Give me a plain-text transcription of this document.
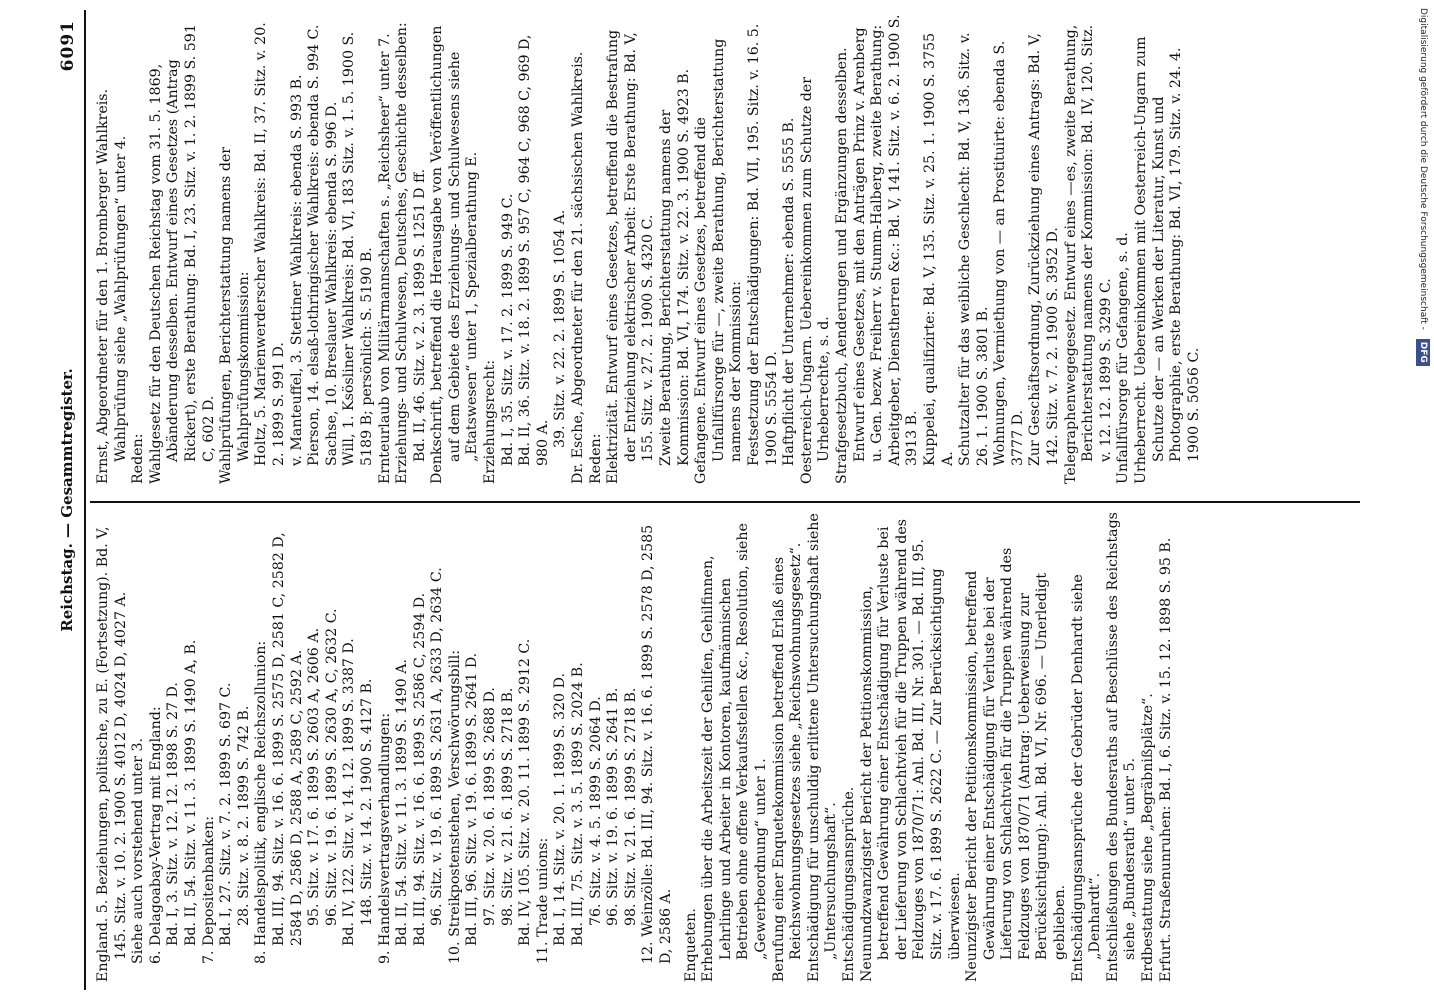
Reichstag. — Gesammtregister.
6091

England. 5. Beziehungen, politische, zu E. (Fortsetzung). Bd. V, 145. Sitz. v. 10. 2. 1900 S. 4012 D, 4024 D, 4027 A. Siehe auch vorstehend unter 3. 6. Delagoabay-Vertrag mit England: Bd. I, 3. Sitz. v. 12. 12. 1898 S. 27 D. Bd. II, 54. Sitz. v. 11. 3. 1899 S. 1490 A, B. 7. Depositenbanken: Bd. I, 27. Sitz. v. 7. 2. 1899 S. 697 C. 28. Sitz. v. 8. 2. 1899 S. 742 B. 8. Handelspolitik, englische Reichszollunion: Bd. III, 94. Sitz. v. 16. 6. 1899 S. 2575 D, 2581 C, 2582 D, 2584 D, 2586 D, 2588 A, 2589 C, 2592 A. 95. Sitz. v. 17. 6. 1899 S. 2603 A, 2606 A. 96. Sitz. v. 19. 6. 1899 S. 2630 A, C, 2632 C. Bd. IV, 122. Sitz. v. 14. 12. 1899 S. 3387 D. 148. Sitz. v. 14. 2. 1900 S. 4127 B. 9. Handelsvertragsverhandlungen: Bd. II, 54. Sitz. v. 11. 3. 1899 S. 1490 A. Bd. III, 94. Sitz. v. 16. 6. 1899 S. 2586 C, 2594 D. 96. Sitz. v. 19. 6. 1899 S. 2631 A, 2633 D, 2634 C. 10. Streikpostenstehen, Verschwörungsbill: Bd. III, 96. Sitz. v. 19. 6. 1899 S. 2641 D. 97. Sitz. v. 20. 6. 1899 S. 2688 D. 98. Sitz. v. 21. 6. 1899 S. 2718 B. Bd. IV, 105. Sitz. v. 20. 11. 1899 S. 2912 C. 11. Trade unions: Bd. I, 14. Sitz. v. 20. 1. 1899 S. 320 D. Bd. III, 75. Sitz. v. 3. 5. 1899 S. 2024 B. 76. Sitz. v. 4. 5. 1899 S. 2064 D. 96. Sitz. v. 19. 6. 1899 S. 2641 B. 98. Sitz. v. 21. 6. 1899 S. 2718 B. 12. Weinzölle: Bd. III, 94. Sitz. v. 16. 6. 1899 S. 2578 D, 2585 D, 2586 A. Enqueten. Erhebungen über die Arbeitszeit der Gehilfen, Gehilfinnen, Lehrlinge und Arbeiter in Kontoren, kaufmännischen Betrieben ohne offene Verkaufsstellen &c., Resolution, siehe „Gewerbeordnung“ unter 1. Berufung einer Enquetekommission betreffend Erlaß eines Reichswohnungsgesetzes siehe „Reichswohnungsgesetz“. Entschädigung für unschuldig erlittene Untersuchungshaft siehe „Untersuchungshaft“. Entschädigungsansprüche. Neunundzwanzigster Bericht der Petitionskommission, betreffend Gewährung einer Entschädigung für Verluste bei der Lieferung von Schlachtvieh für die Truppen während des Feldzuges von 1870/71: Anl. Bd. III, Nr. 301. — Bd. III, 95. Sitz. v. 17. 6. 1899 S. 2622 C. — Zur Berücksichtigung überwiesen. Neunzigster Bericht der Petitionskommission, betreffend Gewährung einer Entschädigung für Verluste bei der Lieferung von Schlachtvieh für die Truppen während des Feldzuges von 1870/71 (Antrag: Ueberweisung zur Berücksichtigung): Anl. Bd. VI, Nr. 696. — Unerledigt geblieben. Entschädigungsansprüche der Gebrüder Denhardt siehe „Denhardt“. Entschließungen des Bundesraths auf Beschlüsse des Reichstags siehe „Bundesrath“ unter 5. Erdbestattung siehe „Begräbnißplätze“. Erfurt. Straßenunruhen: Bd. I, 6. Sitz. v. 15. 12. 1898 S. 95 B.

Ernst, Abgeordneter für den 1. Bromberger Wahlkreis. Wahlprüfung siehe „Wahlprüfungen“ unter 4. Reden: Wahlgesetz für den Deutschen Reichstag vom 31. 5. 1869, Abänderung desselben. Entwurf eines Gesetzes (Antrag Rickert), erste Berathung: Bd. I, 23. Sitz. v. 1. 2. 1899 S. 591 C, 602 D. Wahlprüfungen, Berichterstattung namens der Wahlprüfungskommission: Holtz, 5. Marienwerderscher Wahlkreis: Bd. II, 37. Sitz. v. 20. 2. 1899 S. 991 D. v. Manteuffel, 3. Stettiner Wahlkreis: ebenda S. 993 B. Pierson, 14. elsaß-lothringischer Wahlkreis: ebenda S. 994 C. Sachse, 10. Breslauer Wahlkreis: ebenda S. 996 D. Will, 1. Ksösliner Wahlkreis: Bd. VI, 183 Sitz. v. 1. 5. 1900 S. 5189 B; persönlich: S. 5190 B. Ernteurlaub von Militärmannschaften s. „Reichsheer“ unter 7. Erziehungs- und Schulwesen, Deutsches, Geschichte desselben: Bd. II, 46. Sitz. v. 2. 3. 1899 S. 1251 D ff. Denkschrift, betreffend die Herausgabe von Veröffentlichungen auf dem Gebiete des Erziehungs- und Schulwesens siehe „Etatswesen“ unter 1, Spezialberathung E. Erziehungsrecht: Bd. I, 35. Sitz. v. 17. 2. 1899 S. 949 C. Bd. II, 36. Sitz. v. 18. 2. 1899 S. 957 C, 964 C, 968 C, 969 D, 980 A. 39. Sitz. v. 22. 2. 1899 S. 1054 A. Dr. Esche, Abgeordneter für den 21. sächsischen Wahlkreis. Reden: Elektrizität. Entwurf eines Gesetzes, betreffend die Bestrafung der Entziehung elektrischer Arbeit: Erste Berathung: Bd. V, 155. Sitz. v. 27. 2. 1900 S. 4320 C. Zweite Berathung, Berichterstattung namens der Kommission: Bd. VI, 174. Sitz. v. 22. 3. 1900 S. 4923 B. Gefangene. Entwurf eines Gesetzes, betreffend die Unfallfürsorge für —, zweite Berathung, Berichterstattung namens der Kommission: Festsetzung der Entschädigungen: Bd. VII, 195. Sitz. v. 16. 5. 1900 S. 5554 D. Haftpflicht der Unternehmer: ebenda S. 5555 B. Oesterreich-Ungarn. Uebereinkommen zum Schutze der Urheberrechte, s. d. Strafgesetzbuch, Aenderungen und Ergänzungen desselben. Entwurf eines Gesetzes, mit den Anträgen Prinz v. Arenberg u. Gen. bezw. Freiherr v. Stumm-Halberg, zweite Berathung: Arbeitgeber, Dienstherren &c.: Bd. V, 141. Sitz. v. 6. 2. 1900 S. 3913 B. Kuppelei, qualifizirte: Bd. V, 135. Sitz. v. 25. 1. 1900 S. 3755 A. Schutzalter für das weibliche Geschlecht: Bd. V, 136. Sitz. v. 26. 1. 1900 S. 3801 B. Wohnungen, Vermiethung von — an Prostituirte: ebenda S. 3777 D. Zur Geschäftsordnung, Zurückziehung eines Antrags: Bd. V, 142. Sitz. v. 7. 2. 1900 S. 3952 D. Telegraphenwegegesetz. Entwurf eines —es, zweite Berathung, Berichterstattung namens der Kommission: Bd. IV, 120. Sitz. v. 12. 12. 1899 S. 3299 C. Unfallfürsorge für Gefangene, s. d. Urheberrecht. Uebereinkommen mit Oesterreich-Ungarn zum Schutze der — an Werken der Literatur, Kunst und Photographie, erste Berathung: Bd. VI, 179. Sitz. v. 24. 4. 1900 S. 5056 C.

Digitalisierung gefördert durch die Deutsche Forschungsgemeinschaft - DFG
